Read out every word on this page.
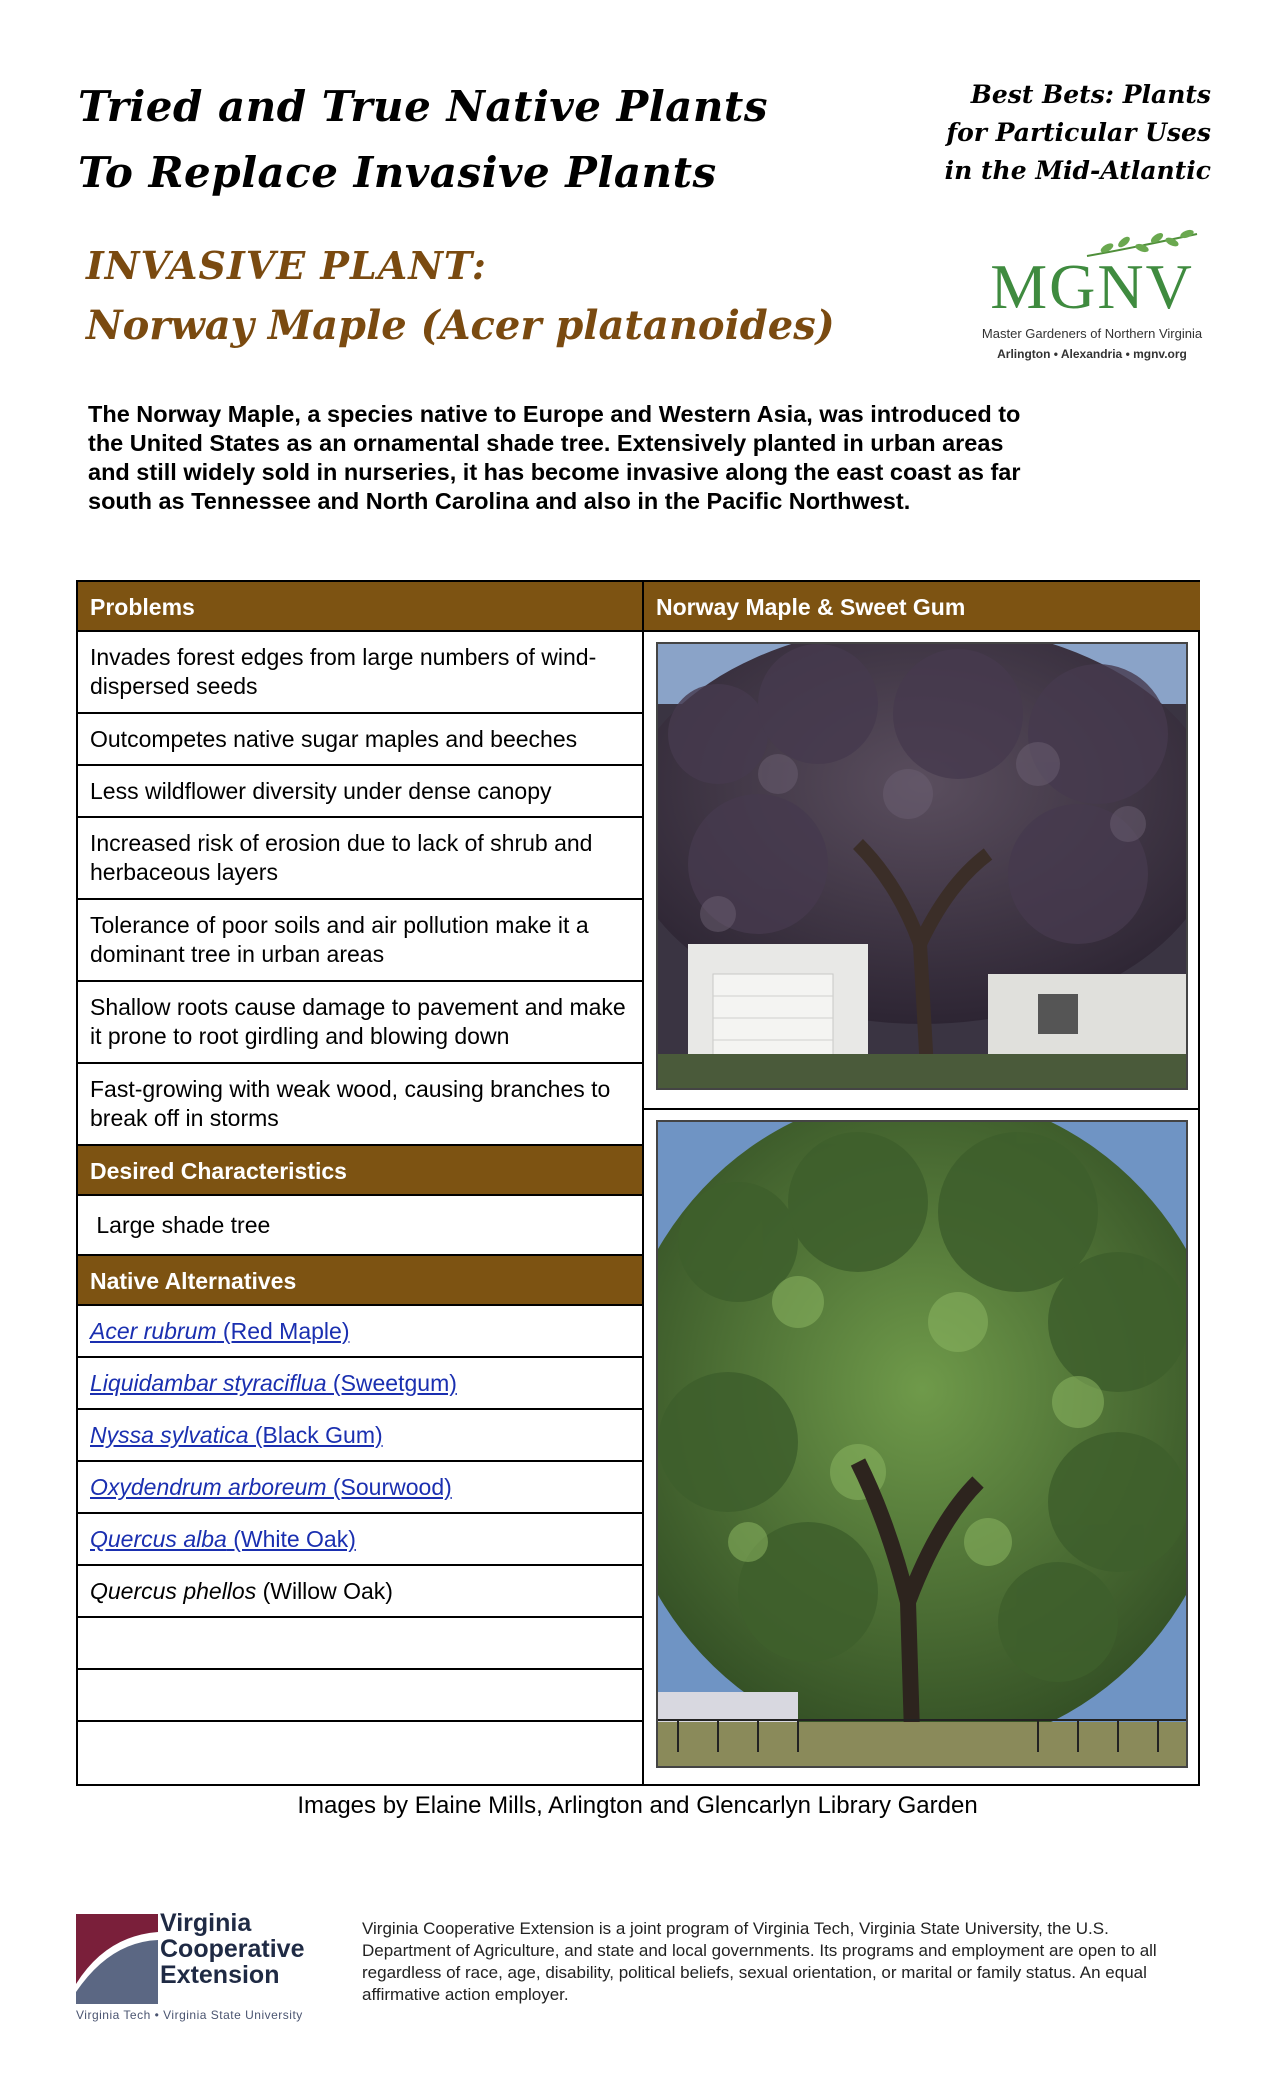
Tried and True Native Plants
To Replace Invasive Plants
Best Bets: Plants
for Particular Uses
in the Mid-Atlantic
INVASIVE PLANT:
Norway Maple (Acer platanoides)
MGNV
Master Gardeners of Northern Virginia
Arlington • Alexandria • mgnv.org
The Norway Maple, a species native to Europe and Western Asia, was introduced to the United States as an ornamental shade tree. Extensively planted in urban areas and still widely sold in nurseries, it has become invasive along the east coast as far south as Tennessee and North Carolina and also in the Pacific Northwest.
Problems
Invades forest edges from large numbers of wind-dispersed seeds
Outcompetes native sugar maples and beeches
Less wildflower diversity under dense canopy
Increased risk of erosion due to lack of shrub and herbaceous layers
Tolerance of poor soils and air pollution make it a dominant tree in urban areas
Shallow roots cause damage to pavement and make it prone to root girdling and blowing down
Fast-growing with weak wood, causing branches to break off in storms
Desired Characteristics
Large shade tree
Native Alternatives
Acer rubrum (Red Maple)
Liquidambar styraciflua (Sweetgum)
Nyssa sylvatica (Black Gum)
Oxydendrum arboreum (Sourwood)
Quercus alba (White Oak)
Quercus phellos (Willow Oak)
Norway Maple & Sweet Gum
Images by Elaine Mills, Arlington and Glencarlyn Library Garden
Virginia
Cooperative
Extension
Virginia Tech • Virginia State University
Virginia Cooperative Extension is a joint program of Virginia Tech, Virginia State University, the U.S. Department of Agriculture, and state and local governments. Its programs and employment are open to all regardless of race, age, disability, political beliefs, sexual orientation, or marital or family status. An equal affirmative action employer.
